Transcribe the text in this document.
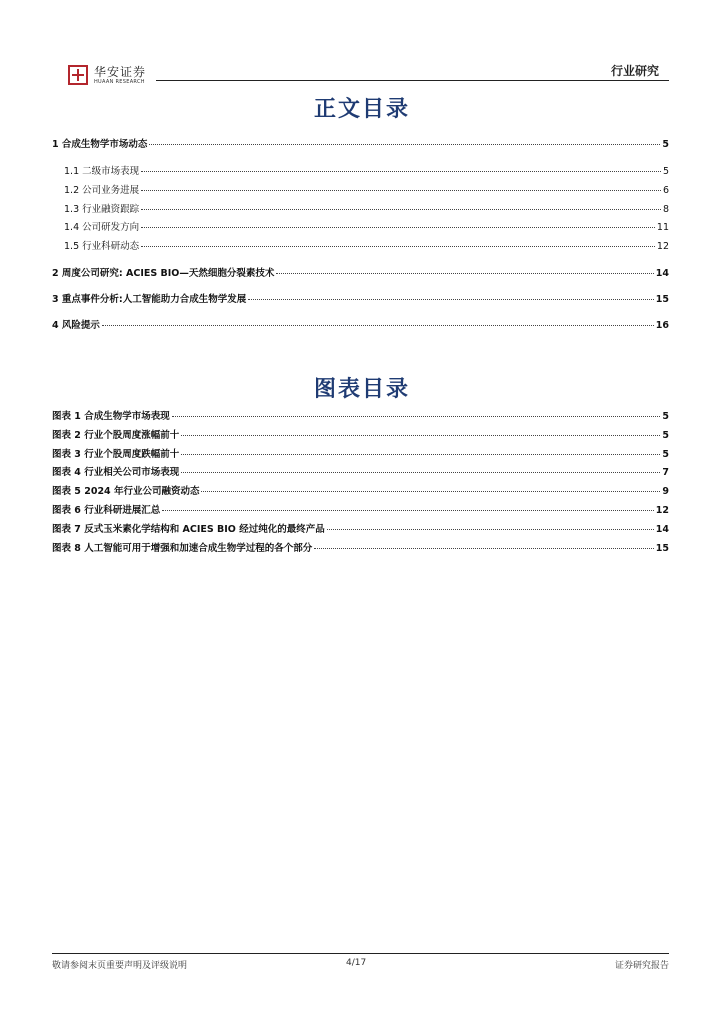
华安证券
HUAAN RESEARCH
行业研究
正文目录
1 合成生物学市场动态	5
1.1 二级市场表现	5
1.2 公司业务进展	6
1.3 行业融资跟踪	8
1.4 公司研发方向	11
1.5 行业科研动态	12
2 周度公司研究: ACIES BIO—天然细胞分裂素技术	14
3 重点事件分析:人工智能助力合成生物学发展	15
4 风险提示	16
图表目录
图表 1 合成生物学市场表现	5
图表 2 行业个股周度涨幅前十	5
图表 3 行业个股周度跌幅前十	5
图表 4 行业相关公司市场表现	7
图表 5 2024 年行业公司融资动态	9
图表 6 行业科研进展汇总	12
图表 7 反式玉米素化学结构和 ACIES BIO 经过纯化的最终产品	14
图表 8 人工智能可用于增强和加速合成生物学过程的各个部分	15
敬请参阅末页重要声明及评级说明	4/17	证券研究报告
